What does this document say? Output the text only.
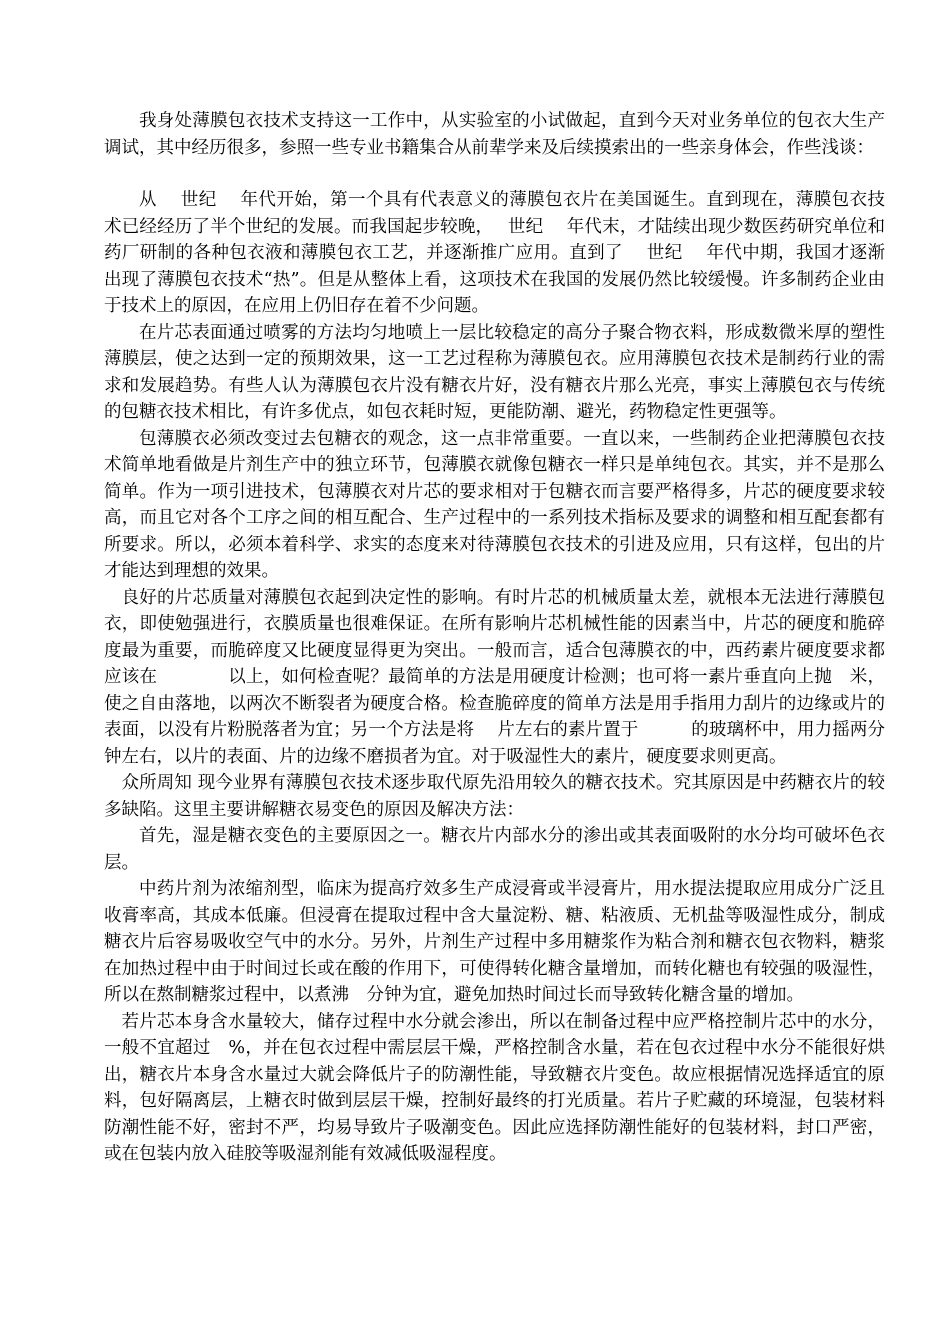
我身处薄膜包衣技术支持这一工作中，从实验室的小试做起，直到今天对业务单位的包衣大生产调试，其中经历很多，参照一些专业书籍集合从前辈学来及后续摸索出的一些亲身体会，作些浅谈：

从　 世纪　 年代开始，第一个具有代表意义的薄膜包衣片在美国诞生。直到现在，薄膜包衣技术已经经历了半个世纪的发展。而我国起步较晚，　 世纪　 年代末，才陆续出现少数医药研究单位和药厂研制的各种包衣液和薄膜包衣工艺，并逐渐推广应用。直到了　 世纪　 年代中期，我国才逐渐出现了薄膜包衣技术“热”。但是从整体上看，这项技术在我国的发展仍然比较缓慢。许多制药企业由于技术上的原因，在应用上仍旧存在着不少问题。

在片芯表面通过喷雾的方法均匀地喷上一层比较稳定的高分子聚合物衣料，形成数微米厚的塑性薄膜层，使之达到一定的预期效果，这一工艺过程称为薄膜包衣。应用薄膜包衣技术是制药行业的需求和发展趋势。有些人认为薄膜包衣片没有糖衣片好，没有糖衣片那么光亮，事实上薄膜包衣与传统的包糖衣技术相比，有许多优点，如包衣耗时短，更能防潮、避光，药物稳定性更强等。

包薄膜衣必须改变过去包糖衣的观念，这一点非常重要。一直以来，一些制药企业把薄膜包衣技术简单地看做是片剂生产中的独立环节，包薄膜衣就像包糖衣一样只是单纯包衣。其实，并不是那么简单。作为一项引进技术，包薄膜衣对片芯的要求相对于包糖衣而言要严格得多，片芯的硬度要求较高，而且它对各个工序之间的相互配合、生产过程中的一系列技术指标及要求的调整和相互配套都有所要求。所以，必须本着科学、求实的态度来对待薄膜包衣技术的引进及应用，只有这样，包出的片才能达到理想的效果。

良好的片芯质量对薄膜包衣起到决定性的影响。有时片芯的机械质量太差，就根本无法进行薄膜包衣，即使勉强进行，衣膜质量也很难保证。在所有影响片芯机械性能的因素当中，片芯的硬度和脆碎度最为重要，而脆碎度又比硬度显得更为突出。一般而言，适合包薄膜衣的中，西药素片硬度要求都应该在　　　　以上，如何检查呢？最简单的方法是用硬度计检测；也可将一素片垂直向上抛　米，使之自由落地，以两次不断裂者为硬度合格。检查脆碎度的简单方法是用手指用力刮片的边缘或片的表面，以没有片粉脱落者为宜；另一个方法是将　 片左右的素片置于　　　的玻璃杯中，用力摇两分钟左右，以片的表面、片的边缘不磨损者为宜。对于吸湿性大的素片，硬度要求则更高。

众所周知 现今业界有薄膜包衣技术逐步取代原先沿用较久的糖衣技术。究其原因是中药糖衣片的较多缺陷。这里主要讲解糖衣易变色的原因及解决方法：

首先，湿是糖衣变色的主要原因之一。糖衣片内部水分的渗出或其表面吸附的水分均可破坏色衣层。

中药片剂为浓缩剂型，临床为提高疗效多生产成浸膏或半浸膏片，用水提法提取应用成分广泛且收膏率高，其成本低廉。但浸膏在提取过程中含大量淀粉、糖、粘液质、无机盐等吸湿性成分，制成糖衣片后容易吸收空气中的水分。另外，片剂生产过程中多用糖浆作为粘合剂和糖衣包衣物料，糖浆在加热过程中由于时间过长或在酸的作用下，可使得转化糖含量增加，而转化糖也有较强的吸湿性，所以在熬制糖浆过程中，以煮沸　分钟为宜，避免加热时间过长而导致转化糖含量的增加。

若片芯本身含水量较大，储存过程中水分就会渗出，所以在制备过程中应严格控制片芯中的水分，一般不宜超过　%，并在包衣过程中需层层干燥，严格控制含水量，若在包衣过程中水分不能很好烘出，糖衣片本身含水量过大就会降低片子的防潮性能，导致糖衣片变色。故应根据情况选择适宜的原料，包好隔离层，上糖衣时做到层层干燥，控制好最终的打光质量。若片子贮藏的环境湿，包装材料防潮性能不好，密封不严，均易导致片子吸潮变色。因此应选择防潮性能好的包装材料，封口严密，或在包装内放入硅胶等吸湿剂能有效减低吸湿程度。
